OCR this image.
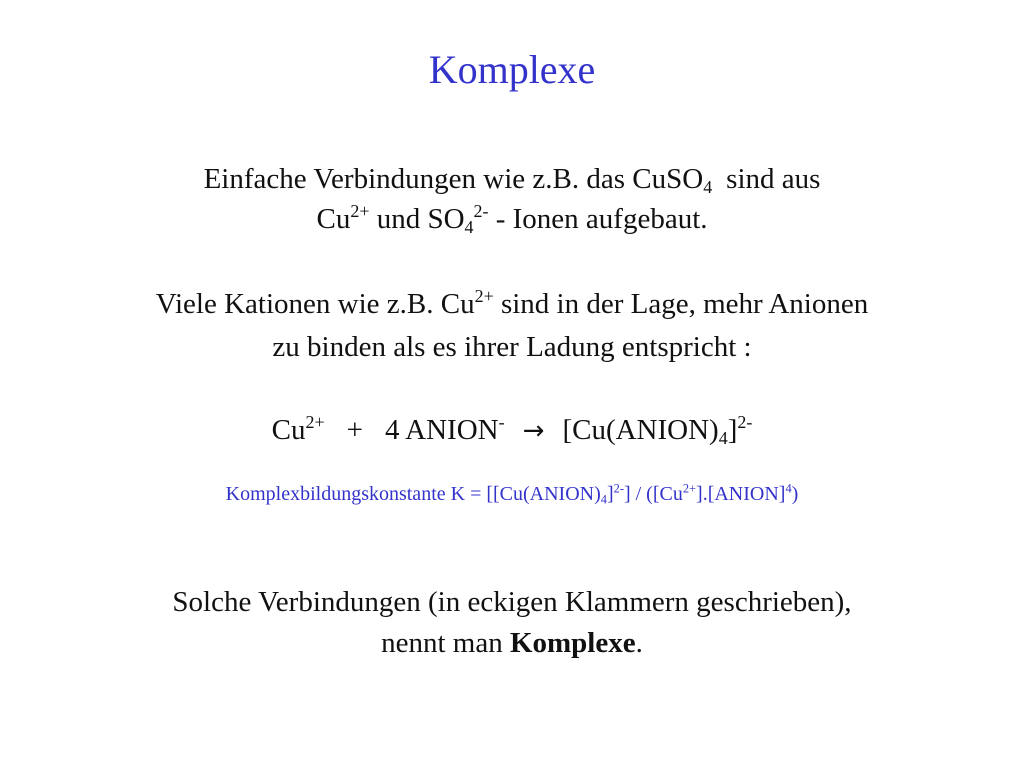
Komplexe
Einfache Verbindungen wie z.B. das CuSO$_4$ sind aus
$Cu^{2+}$ und $SO_4^{2-}$ - Ionen aufgebaut.
Viele Kationen wie z.B. $Cu^{2+}$ sind in der Lage, mehr Anionen
zu binden als es ihrer Ladung entspricht :
$Cu^{2+} + 4$ ANION- → $[Cu(ANION)_4]^{2-}$
Komplexbildungskonstante $K = [[Cu(ANION)_4]^{2-}]$ / $([Cu^{2+}].[ANION]^4)$
Solche Verbindungen (in eckigen Klammern geschrieben),
nennt man Komplexe.
